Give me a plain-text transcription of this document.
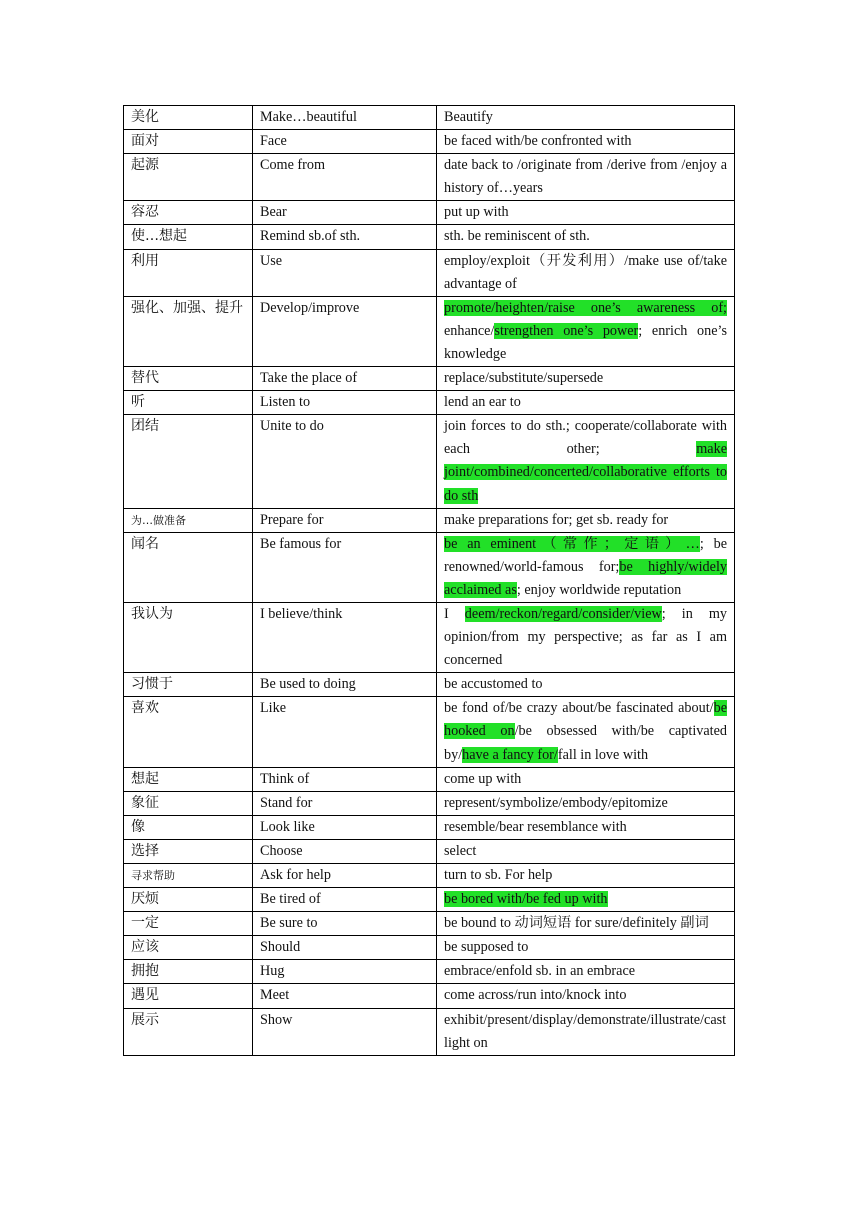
美化	Make…beautiful	Beautify
面对	Face	be faced with/be confronted with
起源	Come from	date back to /originate from /derive from /enjoy a history of…years
容忍	Bear	put up with
使…想起	Remind sb.of sth.	sth. be reminiscent of sth.
利用	Use	employ/exploit（开发利用）/make use of/take advantage of
强化、加强、提升	Develop/improve	promote/heighten/raise one’s awareness of; enhance/strengthen one’s power; enrich one’s knowledge
替代	Take the place of	replace/substitute/supersede
听	Listen to	lend an ear to
团结	Unite to do	join forces to do sth.; cooperate/collaborate with each other; make joint/combined/concerted/collaborative efforts to do sth
为…做准备	Prepare for	make preparations for; get sb. ready for
闻名	Be famous for	be an eminent（常作；定语）…; be renowned/world-famous for;be highly/widely acclaimed as; enjoy worldwide reputation
我认为	I believe/think	I deem/reckon/regard/consider/view; in my opinion/from my perspective; as far as I am concerned
习惯于	Be used to doing	be accustomed to
喜欢	Like	be fond of/be crazy about/be fascinated about/be hooked on/be obsessed with/be captivated by/have a fancy for/fall in love with
想起	Think of	come up with
象征	Stand for	represent/symbolize/embody/epitomize
像	Look like	resemble/bear resemblance with
选择	Choose	select
寻求帮助	Ask for help	turn to sb. For help
厌烦	Be tired of	be bored with/be fed up with
一定	Be sure to	be bound to 动词短语 for sure/definitely 副词
应该	Should	be supposed to
拥抱	Hug	embrace/enfold sb. in an embrace
遇见	Meet	come across/run into/knock into
展示	Show	exhibit/present/display/demonstrate/illustrate/cast light on
